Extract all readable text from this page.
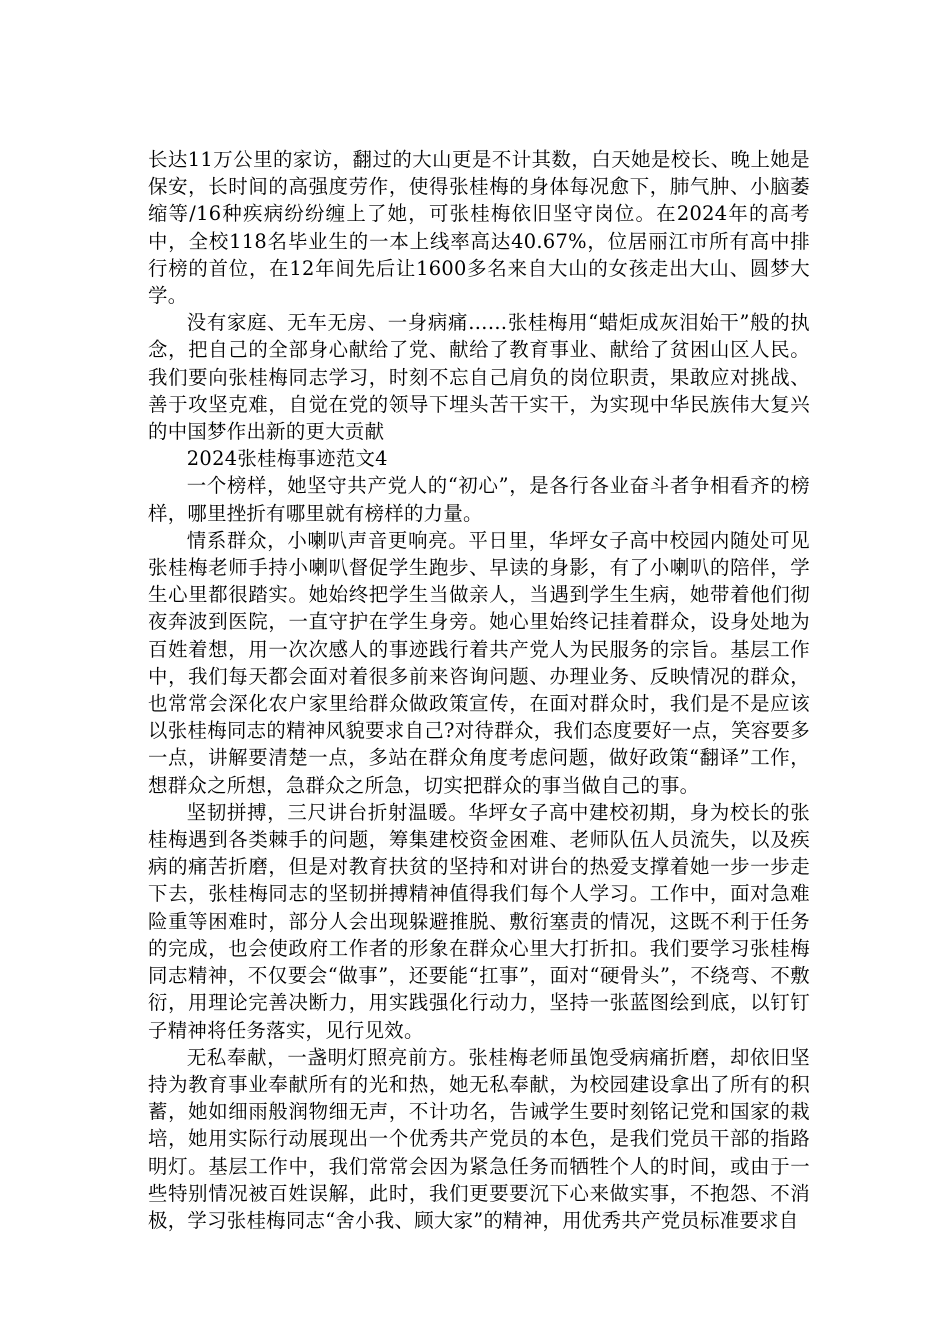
长达11万公里的家访，翻过的大山更是不计其数，白天她是校长、晚上她是保安，长时间的高强度劳作，使得张桂梅的身体每况愈下，肺气肿、小脑萎缩等/16种疾病纷纷缠上了她，可张桂梅依旧坚守岗位。在2024年的高考中，全校118名毕业生的一本上线率高达40.67%，位居丽江市所有高中排行榜的首位，在12年间先后让1600多名来自大山的女孩走出大山、圆梦大学。

没有家庭、无车无房、一身病痛……张桂梅用“蜡炬成灰泪始干”般的执念，把自己的全部身心献给了党、献给了教育事业、献给了贫困山区人民。我们要向张桂梅同志学习，时刻不忘自己肩负的岗位职责，果敢应对挑战、善于攻坚克难，自觉在党的领导下埋头苦干实干，为实现中华民族伟大复兴的中国梦作出新的更大贡献

2024张桂梅事迹范文4

一个榜样，她坚守共产党人的“初心”，是各行各业奋斗者争相看齐的榜样，哪里挫折有哪里就有榜样的力量。

情系群众，小喇叭声音更响亮。平日里，华坪女子高中校园内随处可见张桂梅老师手持小喇叭督促学生跑步、早读的身影，有了小喇叭的陪伴，学生心里都很踏实。她始终把学生当做亲人，当遇到学生生病，她带着他们彻夜奔波到医院，一直守护在学生身旁。她心里始终记挂着群众，设身处地为百姓着想，用一次次感人的事迹践行着共产党人为民服务的宗旨。基层工作中，我们每天都会面对着很多前来咨询问题、办理业务、反映情况的群众，也常常会深化农户家里给群众做政策宣传，在面对群众时，我们是不是应该以张桂梅同志的精神风貌要求自己?对待群众，我们态度要好一点，笑容要多一点，讲解要清楚一点，多站在群众角度考虑问题，做好政策“翻译”工作，想群众之所想，急群众之所急，切实把群众的事当做自己的事。

坚韧拼搏，三尺讲台折射温暖。华坪女子高中建校初期，身为校长的张桂梅遇到各类棘手的问题，筹集建校资金困难、老师队伍人员流失，以及疾病的痛苦折磨，但是对教育扶贫的坚持和对讲台的热爱支撑着她一步一步走下去，张桂梅同志的坚韧拼搏精神值得我们每个人学习。工作中，面对急难险重等困难时，部分人会出现躲避推脱、敷衍塞责的情况，这既不利于任务的完成，也会使政府工作者的形象在群众心里大打折扣。我们要学习张桂梅同志精神，不仅要会“做事”，还要能“扛事”，面对“硬骨头”，不绕弯、不敷衍，用理论完善决断力，用实践强化行动力，坚持一张蓝图绘到底，以钉钉子精神将任务落实，见行见效。

无私奉献，一盏明灯照亮前方。张桂梅老师虽饱受病痛折磨，却依旧坚持为教育事业奉献所有的光和热，她无私奉献，为校园建设拿出了所有的积蓄，她如细雨般润物细无声，不计功名，告诫学生要时刻铭记党和国家的栽培，她用实际行动展现出一个优秀共产党员的本色，是我们党员干部的指路明灯。基层工作中，我们常常会因为紧急任务而牺牲个人的时间，或由于一些特别情况被百姓误解，此时，我们更要要沉下心来做实事，不抱怨、不消极，学习张桂梅同志“舍小我、顾大家”的精神，用优秀共产党员标准要求自
